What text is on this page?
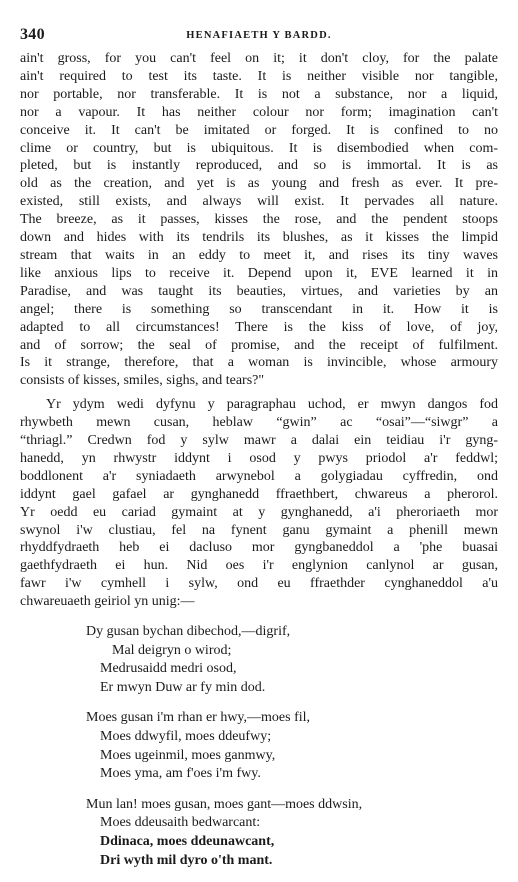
340	HENAFIAETH Y BARDD.

ain't gross, for you can't feel on it; it don't cloy, for the palate
ain't required to test its taste. It is neither visible nor tangible,
nor portable, nor transferable. It is not a substance, nor a liquid,
nor a vapour. It has neither colour nor form; imagination can't
conceive it. It can't be imitated or forged. It is confined to no
clime or country, but is ubiquitous. It is disembodied when com-
pleted, but is instantly reproduced, and so is immortal. It is as
old as the creation, and yet is as young and fresh as ever. It pre-
existed, still exists, and always will exist. It pervades all nature.
The breeze, as it passes, kisses the rose, and the pendent stoops
down and hides with its tendrils its blushes, as it kisses the limpid
stream that waits in an eddy to meet it, and rises its tiny waves
like anxious lips to receive it. Depend upon it, EVE learned it in
Paradise, and was taught its beauties, virtues, and varieties by an
angel; there is something so transcendant in it. How it is
adapted to all circumstances! There is the kiss of love, of joy,
and of sorrow; the seal of promise, and the receipt of fulfilment.
Is it strange, therefore, that a woman is invincible, whose armoury
consists of kisses, smiles, sighs, and tears?"

Yr ydym wedi dyfynu y paragraphau uchod, er mwyn dangos fod
rhywbeth mewn cusan, heblaw “gwin” ac “osai”—“siwgr” a
“thriagl.” Credwn fod y sylw mawr a dalai ein teidiau i'r gyng-
hanedd, yn rhwystr iddynt i osod y pwys priodol a'r feddwl;
boddlonent a'r syniadaeth arwynebol a golygiadau cyffredin, ond
iddynt gael gafael ar gynghanedd ffraethbert, chwareus a pherorol.
Yr oedd eu cariad gymaint at y gynghanedd, a'i pheroriaeth mor
swynol i'w clustiau, fel na fynent ganu gymaint a phenill mewn
rhyddfydraeth heb ei dacluso mor gyngbaneddol a 'phe buasai
gaethfydraeth ei hun. Nid oes i'r englynion canlynol ar gusan,
fawr i'w cymhell i sylw, ond eu ffraethder cynghaneddol a'u
chwareuaeth geiriol yn unig:—

Dy gusan bychan dibechod,—digrif,
Mal deigryn o wirod;
Medrusaidd medri osod,
Er mwyn Duw ar fy min dod.
Moes gusan i'm rhan er hwy,—moes fil,
Moes ddwyfil, moes ddeufwy;
Moes ugeinmil, moes ganmwy,
Moes yma, am f'oes i'm fwy.
Mun lan! moes gusan, moes gant—moes ddwsin,
Moes ddeusaith bedwarcant:
Ddinaca, moes ddeunawcant,
Dri wyth mil dyro o'th mant.
